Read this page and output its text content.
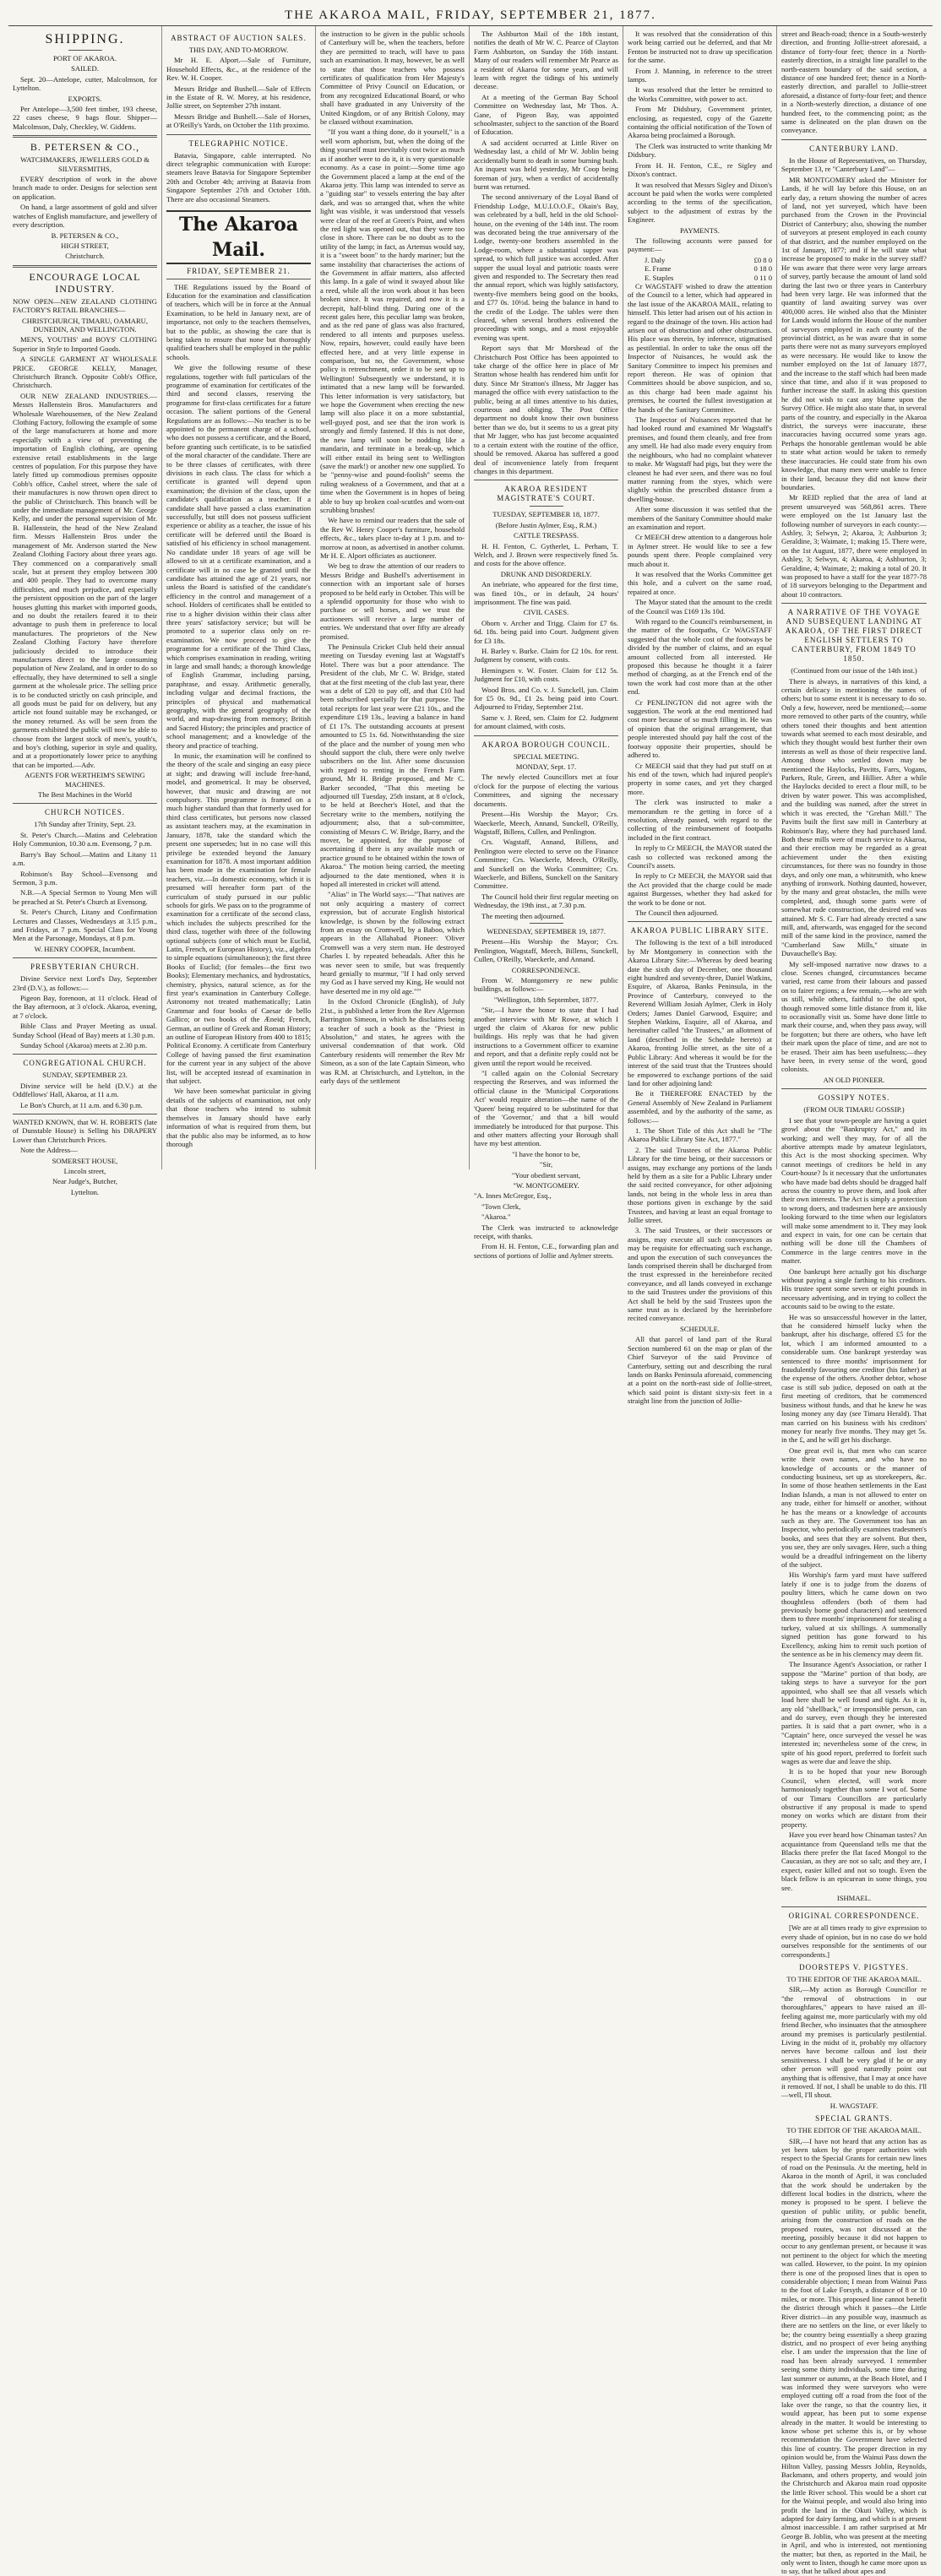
THE AKAROA MAIL, FRIDAY, SEPTEMBER 21, 1877.
SHIPPING.

PORT OF AKAROA.

SAILED.

Sept. 20—Antelope, cutter, Malcolmson, for Lyttelton.

EXPORTS.

Per Antelope—3,500 feet timber, 193 cheese, 22 cases cheese, 9 bags flour. Shipper—Malcolmson, Daly, Checkley, W. Giddens.

B. PETERSEN & CO.,

WATCHMAKERS, JEWELLERS GOLD & SILVERSMITHS,

EVERY description of work in the above branch made to order. Designs for selection sent on application.

On hand, a large assortment of gold and silver watches of English manufacture, and jewellery of every description.

B. PETERSEN & CO.,

HIGH STREET,

Christchurch.

ENCOURAGE LOCAL INDUSTRY.

NOW OPEN—NEW ZEALAND CLOTHING FACTORY'S RETAIL BRANCHES—

CHRISTCHURCH, TIMARU, OAMARU, DUNEDIN, AND WELLINGTON.

MEN'S, YOUTHS' and BOYS' CLOTHING Superior in Style to Imported Goods.

A SINGLE GARMENT AT WHOLESALE PRICE. GEORGE KELLY, Manager, Christchurch Branch. Opposite Cobb's Office, Christchurch.

OUR NEW ZEALAND INDUSTRIES.—Messrs Hallenstein Bros. Manufacturers and Wholesale Warehousemen, of the New Zealand Clothing Factory, following the example of some of the large manufacturers at home and more especially with a view of preventing the importation of English clothing, are opening extensive retail establishments in the large centres of population. For this purpose they have lately fitted up commodious premises opposite Cobb's office, Cashel street, where the sale of their manufactures is now thrown open direct to the public of Christchurch. This branch will be under the immediate management of Mr. George Kelly, and under the personal supervision of Mr. B. Hallenstein, the head of the New Zealand firm. Messrs Hallenstein Bros under the management of Mr. Anderson started the New Zealand Clothing Factory about three years ago. They commenced on a comparatively small scale, but at present they employ between 300 and 400 people. They had to overcome many difficulties, and much prejudice, and especially the persistent opposition on the part of the larger houses glutting this market with imported goods, and no doubt the retailers feared it to their advantage to push them in preference to local manufactures. The proprietors of the New Zealand Clothing Factory have therefore judiciously decided to introduce their manufactures direct to the large consuming population of New Zealand, and in order to do so effectually, they have determined to sell a single garment at the wholesale price. The selling price is to be conducted strictly on cash principle, and all goods must be paid for on delivery, but any article not found suitable may be exchanged, or the money returned. As will be seen from the garments exhibited the public will now be able to choose from the largest stock of men's, youth's, and boy's clothing, superior in style and quality, and at a proportionately lower price to anything that can be imported.—Adv.

AGENTS FOR WERTHEIM'S SEWING MACHINES.

The Best Machines in the World

CHURCH NOTICES.

17th Sunday after Trinity, Sept. 23.

St. Peter's Church.—Matins and Celebration Holy Communion, 10.30 a.m. Evensong, 7 p.m.

Barry's Bay School.—Matins and Litany 11 a.m.

Robinson's Bay School—Evensong and Sermon, 3 p.m.

N.B.—A Special Sermon to Young Men will be preached at St. Peter's Church at Evensong.

St. Peter's Church, Litany and Confirmation Lectures and Classes, Wednesdays at 3.15 p.m., and Fridays, at 7 p.m. Special Class for Young Men at the Parsonage, Mondays, at 8 p.m.

W. HENRY COOPER, Incumbent.

PRESBYTERIAN CHURCH.

Divine Service next Lord's Day, September 23rd (D.V.), as follows:—

Pigeon Bay, forenoon, at 11 o'clock. Head of the Bay afternoon, at 3 o'clock. Akaroa, evening, at 7 o'clock.

Bible Class and Prayer Meeting as usual. Sunday School (Head of Bay) meets at 1.30 p.m.

Sunday School (Akaroa) meets at 2.30 p.m.

CONGREGATIONAL CHURCH.

SUNDAY, SEPTEMBER 23.

Divine service will be held (D.V.) at the Oddfellows' Hall, Akaroa, at 11 a.m.

Le Bon's Church, at 11 a.m. and 6.30 p.m.

WANTED KNOWN, that W. H. ROBERTS (late of Dunstable House) is Selling his DRAPERY Lower than Christchurch Prices.

Note the Address—

SOMERSET HOUSE,

Lincoln street,

Near Judge's, Butcher,

Lyttelton.

ABSTRACT OF AUCTION SALES.

THIS DAY, AND TO-MORROW.

Mr H. E. Alport.—Sale of Furniture, Household Effects, &c., at the residence of the Rev. W. H. Cooper.

Messrs Bridge and Bushell.—Sale of Effects in the Estate of R. W. Morey, at his residence, Jollie street, on September 27th instant.

Messrs Bridge and Bushell.—Sale of Horses, at O'Reilly's Yards, on October the 11th proximo.

TELEGRAPHIC NOTICE.

Batavia, Singapore, cable interrupted. No direct telegraphic communication with Europe: steamers leave Batavia for Singapore September 20th and October 4th; arriving at Batavia from Singapore September 27th and October 18th. There are also occasional Steamers.

The Akaroa Mail.
FRIDAY, SEPTEMBER 21.

THE Regulations issued by the Board of Education for the examination and classification of teachers, which will be in force at the Annual Examination, to be held in January next, are of importance, not only to the teachers themselves, but to the public, as showing the care that is being taken to ensure that none but thoroughly qualified teachers shall be employed in the public schools.

We give the following resume of these regulations, together with full particulars of the programme of examination for certificates of the third and second classes, reserving the programme for first-class certificates for a future occasion. The salient portions of the General Regulations are as follows:—No teacher is to be appointed to the permanent charge of a school, who does not possess a certificate, and the Board, before granting such certificate, is to be satisfied of the moral character of the candidate. There are to be three classes of certificates, with three divisions in each class. The class for which a certificate is granted will depend upon examination; the division of the class, upon the candidate's qualification as a teacher. If a candidate shall have passed a class examination successfully, but still does not possess sufficient experience or ability as a teacher, the issue of his certificate will be deferred until the Board is satisfied of his efficiency in school management. No candidate under 18 years of age will be allowed to sit at a certificate examination, and a certificate will in no case be granted until the candidate has attained the age of 21 years, nor unless the Board is satisfied of the candidate's efficiency in the control and management of a school. Holders of certificates shall be entitled to rise to a higher division within their class after three years' satisfactory service; but will be promoted to a superior class only on re-examination. We now proceed to give the programme for a certificate of the Third Class, which comprises examination in reading, writing in large and small hands; a thorough knowledge of English Grammar, including parsing, paraphrase, and essay. Arithmetic generally, including vulgar and decimal fractions, the principles of physical and mathematical geography, with the general geography of the world, and map-drawing from memory; British and Sacred History; the principles and practice of school management; and a knowledge of the theory and practice of teaching.

In music, the examination will be confined to the theory of the scale and singing an easy piece at sight; and drawing will include free-hand, model, and geometrical. It may be observed, however, that music and drawing are not compulsory. This programme is framed on a much higher standard than that formerly used for third class certificates, but persons now classed as assistant teachers may, at the examination in January, 1878, take the standard which the present one supersedes; but in no case will this privilege be extended beyond the January examination for 1878. A most important addition has been made in the examination for female teachers, viz.—In domestic economy, which it is presumed will hereafter form part of the curriculum of study pursued in our public schools for girls. We pass on to the programme of examination for a certificate of the second class, which includes the subjects prescribed for the third class, together with three of the following optional subjects (one of which must be Euclid, Latin, French, or European History), viz., algebra to simple equations (simultaneous); the first three Books of Euclid; (for females—the first two Books); Elementary mechanics, and hydrostatics, chemistry, physics, natural science, as for the first year's examination in Canterbury College. Astronomy not treated mathematically; Latin Grammar and four books of Caesar de bello Gallico; or two books of the Æneid; French, German, an outline of Greek and Roman History; an outline of European History from 400 to 1815; Political Economy. A certificate from Canterbury College of having passed the first examination for the current year in any subject of the above list, will be accepted instead of examination in that subject.

We have been somewhat particular in giving details of the subjects of examination, not only that those teachers who intend to submit themselves in January should have early information of what is required from them, but that the public also may be informed, as to how thorough

the instruction to be given in the public schools of Canterbury will be, when the teachers, before they are permitted to teach, will have to pass such an examination. It may, however, be as well to state that those teachers who possess certificates of qualification from Her Majesty's Committee of Privy Council on Education, or from any recognized Educational Board, or who shall have graduated in any University of the United Kingdom, or of any British Colony, may be classed without examination.

"If you want a thing done, do it yourself," is a well worn aphorism, but, when the doing of the thing yourself must inevitably cost twice as much as if another were to do it, it is very questionable economy. As a case in point:—Some time ago the Government placed a lamp at the end of the Akaroa jetty. This lamp was intended to serve as a "guiding star" to vessels entering the bay after dark, and was so arranged that, when the white light was visible, it was understood that vessels were clear of the reef at Green's Point, and when the red light was opened out, that they were too close in shore. There can be no doubt as to the utility of the lamp; in fact, as Artemus would say, it is a "sweet boon" to the hardy mariner; but the same instability that characterises the actions of the Government in affair matters, also affected this lamp. In a gale of wind it swayed about like a reed, while all the iron work about it has been broken since. It was repaired, and now it is a decrepit, half-blind thing. During one of the recent gales here, this peculiar lamp was broken, and as the red pane of glass was also fractured, rendered to all intents and purposes useless. Now, repairs, however, could easily have been effected here, and at very little expense in comparison, but no, the Government, whose policy is retrenchment, order it to be sent up to Wellington! Subsequently we understand, it is intimated that a new lamp will be forwarded. This letter information is very satisfactory, but we hope the Government when erecting the new lamp will also place it on a more substantial, well-guyed post, and see that the iron work is strongly and firmly fastened. If this is not done, the new lamp will soon be nodding like a mandarin, and terminate in a break-up, which will either entail its being sent to Wellington (save the mark!) or another new one supplied. To be "penny-wise and pound-foolish" seems the ruling weakness of a Government, and that at a time when the Government is in hopes of being able to buy up broken coal-scuttles and worn-out scrubbing brushes!

We have to remind our readers that the sale of the Rev W. Henry Cooper's furniture, household effects, &c., takes place to-day at 1 p.m. and to-morrow at noon, as advertised in another column. Mr H. E. Alport officiates as auctioneer.

We beg to draw the attention of our readers to Messrs Bridge and Bushell's advertisement in connection with an important sale of horses proposed to be held early in October. This will be a splendid opportunity for those who wish to purchase or sell horses, and we trust the auctioneers will receive a large number of entries. We understand that over fifty are already promised.

The Peninsula Cricket Club held their annual meeting on Tuesday evening last at Wagstaff's Hotel. There was but a poor attendance. The President of the club, Mr C. W. Bridge, stated that at the first meeting of the club last year, there was a debt of £20 to pay off, and that £10 had been subscribed specially for that purpose. The total receipts for last year were £21 10s., and the expenditure £19 13s., leaving a balance in hand of £1 17s. The outstanding accounts at present amounted to £5 1s. 6d. Notwithstanding the size of the place and the number of young men who should support the club, there were only twelve subscribers on the list. After some discussion with regard to renting in the French Farm ground, Mr H. Bridge proposed, and Mr C. Barker seconded, "That this meeting be adjourned till Tuesday, 25th instant, at 8 o'clock, to be held at Beecher's Hotel, and that the Secretary write to the members, notifying the adjournment; also, that a sub-committee, consisting of Messrs C. W. Bridge, Barry, and the mover, be appointed, for the purpose of ascertaining if there is any available match or practice ground to be obtained within the town of Akaroa." The motion being carried, the meeting adjourned to the date mentioned, when it is hoped all interested in cricket will attend.

"Alias" in The World says:—"That natives are not only acquiring a mastery of correct expression, but of accurate English historical knowledge, is shown by the following extract from an essay on Cromwell, by a Baboo, which appears in the Allahabad Pioneer: 'Oliver Cromwell was a very stern man. He destroyed Charles I. by repeated beheadals. After this he was never seen to smile, but was frequently heard genially to murmur, "If I had only served my God as I have served my King, He would not have deserted me in my old age."'"

In the Oxford Chronicle (English), of July 21st., is published a letter from the Rev Algernon Barrington Simeon, in which he disclaims being a teacher of such a book as the "Priest in Absolution," and states, he agrees with the universal condemnation of that work. Old Canterbury residents will remember the Rev Mr Simeon, as a son of the late Captain Simeon, who was R.M. at Christchurch, and Lyttelton, in the early days of the settlement

The Ashburton Mail of the 18th instant, notifies the death of Mr W. C. Pearce of Clayton Farm Ashburton, on Sunday the 16th instant. Many of our readers will remember Mr Pearce as a resident of Akaroa for some years, and will learn with regret the tidings of his untimely decease.

At a meeting of the German Bay School Committee on Wednesday last, Mr Thos. A. Gane, of Pigeon Bay, was appointed schoolmaster, subject to the sanction of the Board of Education.

A sad accident occurred at Little River on Wednesday last, a child of Mr W. Joblin being accidentally burnt to death in some burning bush. An inquest was held yesterday, Mr Coop being foreman of jury, when a verdict of accidentally burnt was returned.

The second anniversary of the Loyal Band of Friendship Lodge, M.U.I.O.O.F., Okain's Bay, was celebrated by a ball, held in the old School-house, on the evening of the 14th inst. The room was decorated being the true anniversary of the Lodge, twenty-one brothers assembled in the Lodge-room, where a substantial supper was spread, to which full justice was accorded. After supper the usual loyal and patriotic toasts were given and responded to. The Secretary then read the annual report, which was highly satisfactory, twenty-five members being good on the books, and £77 0s. 10½d. being the balance in hand to the credit of the Lodge. The tables were then cleared, when several brothers enlivened the proceedings with songs, and a most enjoyable evening was spent.

Report says that Mr Morshead of the Christchurch Post Office has been appointed to take charge of the office here in place of Mr Stratton whose health has rendered him unfit for duty. Since Mr Stratton's illness, Mr Jagger has managed the office with every satisfaction to the public, being at all times attentive to his duties, courteous and obliging. The Post Office department no doubt know their own business better than we do, but it seems to us a great pity that Mr Jagger, who has just become acquainted to a certain extent with the routine of the office, should be removed. Akaroa has suffered a good deal of inconvenience lately from frequent changes in this department.

AKAROA RESIDENT MAGISTRATE'S COURT.

TUESDAY, SEPTEMBER 18, 1877.

(Before Justin Aylmer, Esq., R.M.)

CATTLE TRESPASS.

H. H. Fenton, C. Gytherlet, L. Perham, T. Welch, and J. Brown were respectively fined 5s. and costs for the above offence.

DRUNK AND DISORDERLY.

An inebriate, who appeared for the first time, was fined 10s., or in default, 24 hours' imprisonment. The fine was paid.

CIVIL CASES.

Oborn v. Archer and Trigg. Claim for £7 6s. 6d. 18s. being paid into Court. Judgment given for £3 18s.

H. Barley v. Burke. Claim for £2 10s. for rent. Judgment by consent, with costs.

Hemingsen v. W. Foster. Claim for £12 5s. Judgment for £10, with costs.

Wood Bros. and Co. v. J. Sunckell, jun. Claim for £5 0s. 9d., £1 2s. being paid into Court. Adjourned to Friday, September 21st.

Same v. J. Reed, sen. Claim for £2. Judgment for amount claimed, with costs.

AKAROA BOROUGH COUNCIL.

SPECIAL MEETING.

MONDAY, Sept. 17.

The newly elected Councillors met at four o'clock for the purpose of electing the various Committees, and signing the necessary documents.

Present—His Worship the Mayor; Crs. Waeckerle, Meech, Annand, Sunckell, O'Reilly, Wagstaff, Billens, Cullen, and Penlington.

Crs. Wagstaff, Annand, Billens, and Penlington were elected to serve on the Finance Committee; Crs. Waeckerle, Meech, O'Reilly, and Sunckell on the Works Committee; Crs. Waeckerle, and Billens, Sunckell on the Sanitary Committee.

The Council hold their first regular meeting on Wednesday, the 19th inst., at 7.30 p.m.

The meeting then adjourned.

WEDNESDAY, SEPTEMBER 19, 1877.

Present—His Worship the Mayor; Crs. Penlington, Wagstaff, Meech, Billens, Sunckell, Cullen, O'Reilly, Waeckerle, and Annand.

CORRESPONDENCE.

From W. Montgomery re new public buildings, as follows:—

"Wellington, 18th September, 1877.

"Sir,—I have the honor to state that I had another interview with Mr Rowe, at which I urged the claim of Akaroa for new public buildings. His reply was that he had given instructions to a Government officer to examine and report, and that a definite reply could not be given until the report would be received.

"I called again on the Colonial Secretary respecting the Reserves, and was informed the official clause in the 'Municipal Corporations Act' would require alteration—the name of the 'Queen' being required to be substituted for that of the 'Governor,' and that a bill would immediately be introduced for that purpose. This and other matters affecting your Borough shall have my best attention.

"I have the honor to be,

"Sir,

"Your obedient servant,

"W. MONTGOMERY.

"A. Innes McGregor, Esq.,

"Town Clerk,

"Akaroa."

The Clerk was instructed to acknowledge receipt, with thanks.

From H. H. Fenton, C.E., forwarding plan and sections of portions of Jollie and Aylmer streets.

It was resolved that the consideration of this work being carried out be deferred, and that Mr Fenton be instructed not to draw up specification for the same.

From J. Manning, in reference to the street lamps.

It was resolved that the letter be remitted to the Works Committee, with power to act.

From Mr Didsbury, Government printer, enclosing, as requested, copy of the Gazette containing the official notification of the Town of Akaroa being proclaimed a Borough.

The Clerk was instructed to write thanking Mr Didsbury.

From H. H. Fenton, C.E., re Sigley and Dixon's contract.

It was resolved that Messrs Sigley and Dixon's account be paid when the works were completed according to the terms of the specification, subject to the adjustment of extras by the Engineer.

PAYMENTS.

The following accounts were passed for payment:—

J. Daly	£0 8 0
E. Frame	0 18 0
E. Staples	0 11 0

Cr WAGSTAFF wished to draw the attention of the Council to a letter, which had appeared in the last issue of the AKAROA MAIL, relating to himself. This letter had arisen out of his action in regard to the drainage of the town. His action had arisen out of obstruction and other obstructions. His place was therein, by inference, stigmatised as pestilential. In order to take the onus off the Inspector of Nuisances, he would ask the Sanitary Committee to inspect his premises and report thereon. He was of opinion that Committees should be above suspicion, and so, as this charge had been made against his premises, he courted the fullest investigation at the hands of the Sanitary Committee.

The Inspector of Nuisances reported that he had looked round and examined Mr Wagstaff's premises, and found them cleanly, and free from any smell. He had also made every enquiry from the neighbours, who had no complaint whatever to make. Mr Wagstaff had pigs, but they were the cleanest he had ever seen, and there was no foul matter running from the styes, which were slightly within the prescribed distance from a dwelling-house.

After some discussion it was settled that the members of the Sanitary Committee should make an examination and report.

Cr MEECH drew attention to a dangerous hole in Aylmer street. He would like to see a few pounds spent there. People complained very much about it.

It was resolved that the Works Committee get this hole, and a culvert on the same road, repaired at once.

The Mayor stated that the amount to the credit of the Council was £169 13s 10d.

With regard to the Council's reimbursement, in the matter of the footpaths, Cr WAGSTAFF suggested that the whole cost of the footways be divided by the number of claims, and an equal amount collected from all interested. He proposed this because he thought it a fairer method of charging, as at the French end of the town the work had cost more than at the other end.

Cr PENLINGTON did not agree with the suggestion. The work at the end mentioned had cost more because of so much filling in. He was of opinion that the original arrangement, that people interested should pay half the cost of the footway opposite their properties, should be adhered to.

Cr MEECH said that they had put stuff on at his end of the town, which had injured people's property in some cases, and yet they charged more.

The clerk was instructed to make a memorandum re the getting in force of a resolution, already passed, with regard to the collecting of the reimbursement of footpaths included in the first contract.

In reply to Cr MEECH, the MAYOR stated the cash so collected was reckoned among the Council's assets.

In reply to Cr MEECH, the MAYOR said that the Act provided that the charge could be made against Burgesses, whether they had asked for the work to be done or not.

The Council then adjourned.

AKAROA PUBLIC LIBRARY SITE.

The following is the text of a bill introduced by Mr Montgomery in connection with the Akaroa Library Site:—Whereas by deed bearing date the sixth day of December, one thousand eight hundred and seventy-three, Daniel Watkins, Esquire, of Akaroa, Banks Peninsula, in the Province of Canterbury, conveyed to the Reverend William Josiah Aylmer, Clerk in Holy Orders; James Daniel Garwood, Esquire; and Stephen Watkins, Esquire, all of Akaroa, and hereinafter called "the Trustees," an allotment of land (described in the Schedule hereto) at Akaroa, fronting Jollie street, as the site of a Public Library: And whereas it would be for the interest of the said trust that the Trustees should be empowered to exchange portions of the said land for other adjoining land:

Be it THEREFORE ENACTED by the General Assembly of New Zealand in Parliament assembled, and by the authority of the same, as follows:—

1. The Short Title of this Act shall be "The Akaroa Public Library Site Act, 1877."

2. The said Trustees of the Akaroa Public Library for the time being, or their successors or assigns, may exchange any portions of the lands held by them as a site for a Public Library under the said recited conveyance, for other adjoining lands, not being in the whole less in area than those portions given in exchange by the said Trustees, and having at least an equal frontage to Jollie street.

3. The said Trustees, or their successors or assigns, may execute all such conveyances as may be requisite for effectuating such exchange, and upon the execution of such conveyances the lands comprised therein shall be discharged from the trust expressed in the hereinbefore recited conveyance, and all lands conveyed in exchange to the said Trustees under the provisions of this Act shall be held by the said Trustees upon the same trust as is declared by the hereinbefore recited conveyance.

SCHEDULE.

All that parcel of land part of the Rural Section numbered 61 on the map or plan of the Chief Surveyor of the said Province of Canterbury, setting out and describing the rural lands on Banks Peninsula aforesaid, commencing at a point on the north-east side of Jollie-street, which said point is distant sixty-six feet in a straight line from the junction of Jollie-

street and Beach-road; thence in a South-westerly direction, and fronting Jollie-street aforesaid, a distance of forty-four feet; thence in a North-easterly direction, in a straight line parallel to the north-eastern boundary of the said section, a distance of one hundred feet; thence in a North-easterly direction, and parallel to Jollie-street aforesaid, a distance of forty-four feet; and thence in a North-westerly direction, a distance of one hundred feet, to the commencing point; as the same is delineated on the plan drawn on the conveyance.

CANTERBURY LAND.

In the House of Representatives, on Thursday, September 13, re "Canterbury Land"—

MR MONTGOMERY asked the Minister for Lands, if he will lay before this House, on an early day, a return showing the number of acres of land, not yet surveyed, which have been purchased from the Crown in the Provincial District of Canterbury; also, showing the number of surveyors at present employed in each county of that district, and the number employed on the 1st of January, 1877; and if he will state what increase be proposed to make in the survey staff? He was aware that there were very large arrears of survey, partly because the amount of land sold during the last two or three years in Canterbury had been very large. He was informed that the quantity of land awaiting survey was over 400,000 acres. He wished also that the Minister for Lands would inform the House of the number of surveyors employed in each county of the provincial district, as he was aware that in some parts there were not as many surveyors employed as were necessary. He would like to know the number employed on the 1st of January 1877, and the increase to the staff which had been made since that time, and also if it was proposed to further increase the staff. In asking this question he did not wish to cast any blame upon the Survey Office. He might also state that, in several parts of the country, and especially in the Akaroa district, the surveys were inaccurate, these inaccuracies having occurred some years ago. Perhaps the honorable gentleman would be able to state what action would be taken to remedy these inaccuracies. He could state from his own knowledge, that many men were unable to fence in their land, because they did not know their boundaries.

Mr REID replied that the area of land at present unsurveyed was 568,861 acres. There were employed on the 1st January last the following number of surveyors in each county:—Ashley, 3; Selwyn, 2; Akaroa, 3; Ashburton 3; Geraldine, 3; Waimate, 1; making 15. There were, on the 1st August, 1877, there were employed in Ashley, 3; Selwyn, 4; Akaroa, 4; Ashburton, 3; Geraldine, 4; Waimate, 2; making a total of 20. It was proposed to have a staff for the year 1877-78 of 18 surveyors belonging to the Department and about 10 contractors.

A NARRATIVE OF THE VOYAGE AND SUBSEQUENT LANDING AT AKAROA, OF THE FIRST DIRECT ENGLISH SETTLERS TO CANTERBURY, FROM 1849 TO 1850.

(Continued from our issue of the 14th inst.)

There is always, in narratives of this kind, a certain delicacy in mentioning the names of others; but to some extent it is necessary to do so. Only a few, however, need be mentioned;—some more removed to other parts of the country, while others toned their thoughts and bent attention towards what seemed to each most desirable, and which they thought would best further their own interests as well as those of their respective land. Among those who settled down may be mentioned the Haylocks, Pavitts, Farrs, Vogans, Parkers, Rule, Green, and Hillier. After a while the Haylocks decided to erect a flour mill, to be driven by water power. This was accomplished, and the building was named, after the street in which it was erected, the "Grehan Mill." The Pavitts built the first saw mill in Canterbury at Robinson's Bay, where they had purchased land. Both these mills were of much service to Akaroa, and their erection may be regarded as a great achievement under the then existing circumstances, for there was no foundry in those days, and only one man, a whitesmith, who knew anything of ironwork. Nothing daunted, however, by the many and great obstacles, the mills were completed, and, though some parts were of somewhat rude construction, the desired end was attained. Mr S. C. Farr had already erected a saw mill, and, afterwards, was engaged for the second mill of the same kind in the province, named the "Cumberland Saw Mills," situate in Duvauchelle's Bay.

My self-imposed narrative now draws to a close. Scenes changed, circumstances became varied, rest came from their labours and passed on to fairer regions; a few remain,—who are with us still, while others, faithful to the old spot, though removed some little distance from it, like to occasionally visit us. Some have done little to mark their course, and, when they pass away, will be forgotten; but there are others, who have left their mark upon the place of time, and are not to be erased. Their aim has been usefulness;—they have been, in every sense of the word, good colonists.

AN OLD PIONEER.

GOSSIPY NOTES.

(FROM OUR TIMARU GOSSIP.)

I see that your town-people are having a quiet growl about the "Bankruptcy Act," and its working; and well they may, for of all the abortive attempts made by amateur legislators, this Act is the most shocking specimen. Why cannot meetings of creditors be held in any Court-house? Is it necessary that the unfortunates who have made bad debts should be dragged half across the country to prove them, and look after their own interests. The Act is simply a protection to wrong doers, and tradesmen here are anxiously looking forward to the time when our legislators will make some amendment to it. They may look and expect in vain, for one can be certain that nothing will be done till the Chambers of Commerce in the large centres move in the matter.

One bankrupt here actually got his discharge without paying a single farthing to his creditors. His trustee spent some seven or eight pounds in necessary advertising, and in trying to collect the accounts said to be owing to the estate.

He was so unsuccessful however in the latter, that he considered himself lucky when the bankrupt, after his discharge, offered £5 for the lot, which I am informed amounted to a considerable sum. One bankrupt yesterday was sentenced to three months' imprisonment for fraudulently favouring one creditor (his father) at the expense of the others. Another debtor, whose case is still sub judice, deposed on oath at the first meeting of creditors, that he commenced business without funds, and that he knew he was losing money any day (see Timaru Herald). That man carried on his business with his creditors' money for nearly five months. They may get 5s. in the £, and he will get his discharge.

One great evil is, that men who can scarce write their own names, and who have no knowledge of accounts or the manner of conducting business, set up as storekeepers, &c. In some of those heathen settlements in the East Indian Islands, a man is not allowed to enter on any trade, either for himself or another, without he has the means or a knowledge of accounts such as they are. The Government too has an Inspector, who periodically examines tradesmen's books, and sees that they are solvent. But then, you see, they are only savages. Here, such a thing would be a dreadful infringement on the liberty of the subject.

His Worship's farm yard must have suffered lately if one is to judge from the dozens of poultry litters, which he came down on two thoughtless offenders (both of them had previously borne good characters) and sentenced them to three months' imprisonment for stealing a turkey, valued at six shillings. A summonally signed petition has gone forward to his Excellency, asking him to remit such portion of the sentence as he in his clemency may deem fit.

The Insurance Agent's Association, or rather I suppose the "Marine" portion of that body, are taking steps to have a surveyor for the port appointed, who shall see that all vessels which load here shall be well found and tight. As it is, any old "shellback," or irresponsible person, can and do survey, even though they be interested parties. It is said that a part owner, who is a "Captain" here, once surveyed the vessel he was interested in; nevertheless some of the crew, in spite of his good report, preferred to forfeit such wages as were due and leave the ship.

It is to be hoped that your new Borough Council, when elected, will work more harmoniously together than some I wot of. Some of our Timaru Councillors are particularly obstructive if any proposal is made to spend money on works which are distant from their property.

Have you ever heard how Chinaman tastes? An acquaintance from Queensland tells me that the Blacks there prefer the flat faced Mongol to the Caucasian, as they are not so salt; and they are, I expect, easier killed and not so tough. Even the black fellow is an epicurean in some things, you see.

ISHMAEL.

ORIGINAL CORRESPONDENCE.

[We are at all times ready to give expression to every shade of opinion, but in no case do we hold ourselves responsible for the sentiments of our correspondents.]

DOORSTEPS V. PIGSTYES.

TO THE EDITOR OF THE AKAROA MAIL.

SIR,—My action as Borough Councillor re "the removal of obstructions in our thoroughfares," appears to have raised an ill-feeling against me, more particularly with my old friend Becher, who insinuates that the atmosphere around my premises is particularly pestilential. Living in the midst of it, probably my olfactory nerves have become callous and lost their sensitiveness. I shall be very glad if he or any other person will good naturedly point out anything that is offensive, that I may at once have it removed. If not, I shall be unable to do this. I'll—well, I'll shout.

H. WAGSTAFF.

SPECIAL GRANTS.

TO THE EDITOR OF THE AKAROA MAIL.

SIR,—I have not heard that any action has as yet been taken by the proper authorities with respect to the Special Grants for certain new lines of road on the Peninsula. At the meeting, held in Akaroa in the month of April, it was concluded that the work should be undertaken by the different local bodies in the districts, where the money is proposed to be spent. I believe the question of public utility, or public benefit, arising from the construction of roads on the proposed routes, was not discussed at the meeting, possibly because it did not happen to occur to any gentleman present, or because it was not pertinent to the object for which the meeting was called. However, to the point. In my opinion there is one of the proposed lines that is open to considerable objection; I mean from Wainui Pass to the foot of Lake Forsyth, a distance of 8 or 10 miles, or more. This proposed line cannot benefit the district through which it passes—the Little River district—in any possible way, inasmuch as there are no settlers on the line, or ever likely to be; the country being essentially a sheep grazing district, and no prospect of ever being anything else. I am under the impression that the line of road has been already surveyed. I remember seeing some thirty individuals, some time during last summer or autumn, at the Beach Hotel, and I was informed they were surveyors who were employed cutting off a road from the foot of the lake over the range, so that the country lies, it would appear, has been put to some expense already in the matter. It would be interesting to know whose pet scheme this is, or by whose recommendation the Government have selected this line of country. The proper direction in my opinion would be, from the Wainui Pass down the Hilton Valley, passing Messrs Joblin, Reynolds, Backmann, and others property, and would join the Christchurch and Akaroa main road opposite the little River school. This would be a short cut for the Wainui people, and would also bring into profit the land in the Okuti Valley, which is adapted for dairy farming, and which is at present almost inaccessible. I am rather surprised at Mr George B. Joblin, who was present at the meeting in April, and who is interested, not mentioning the matter; but then, as reported in the Mail, he only went to listen, though he came more upon us to say, that he talked about apes and
